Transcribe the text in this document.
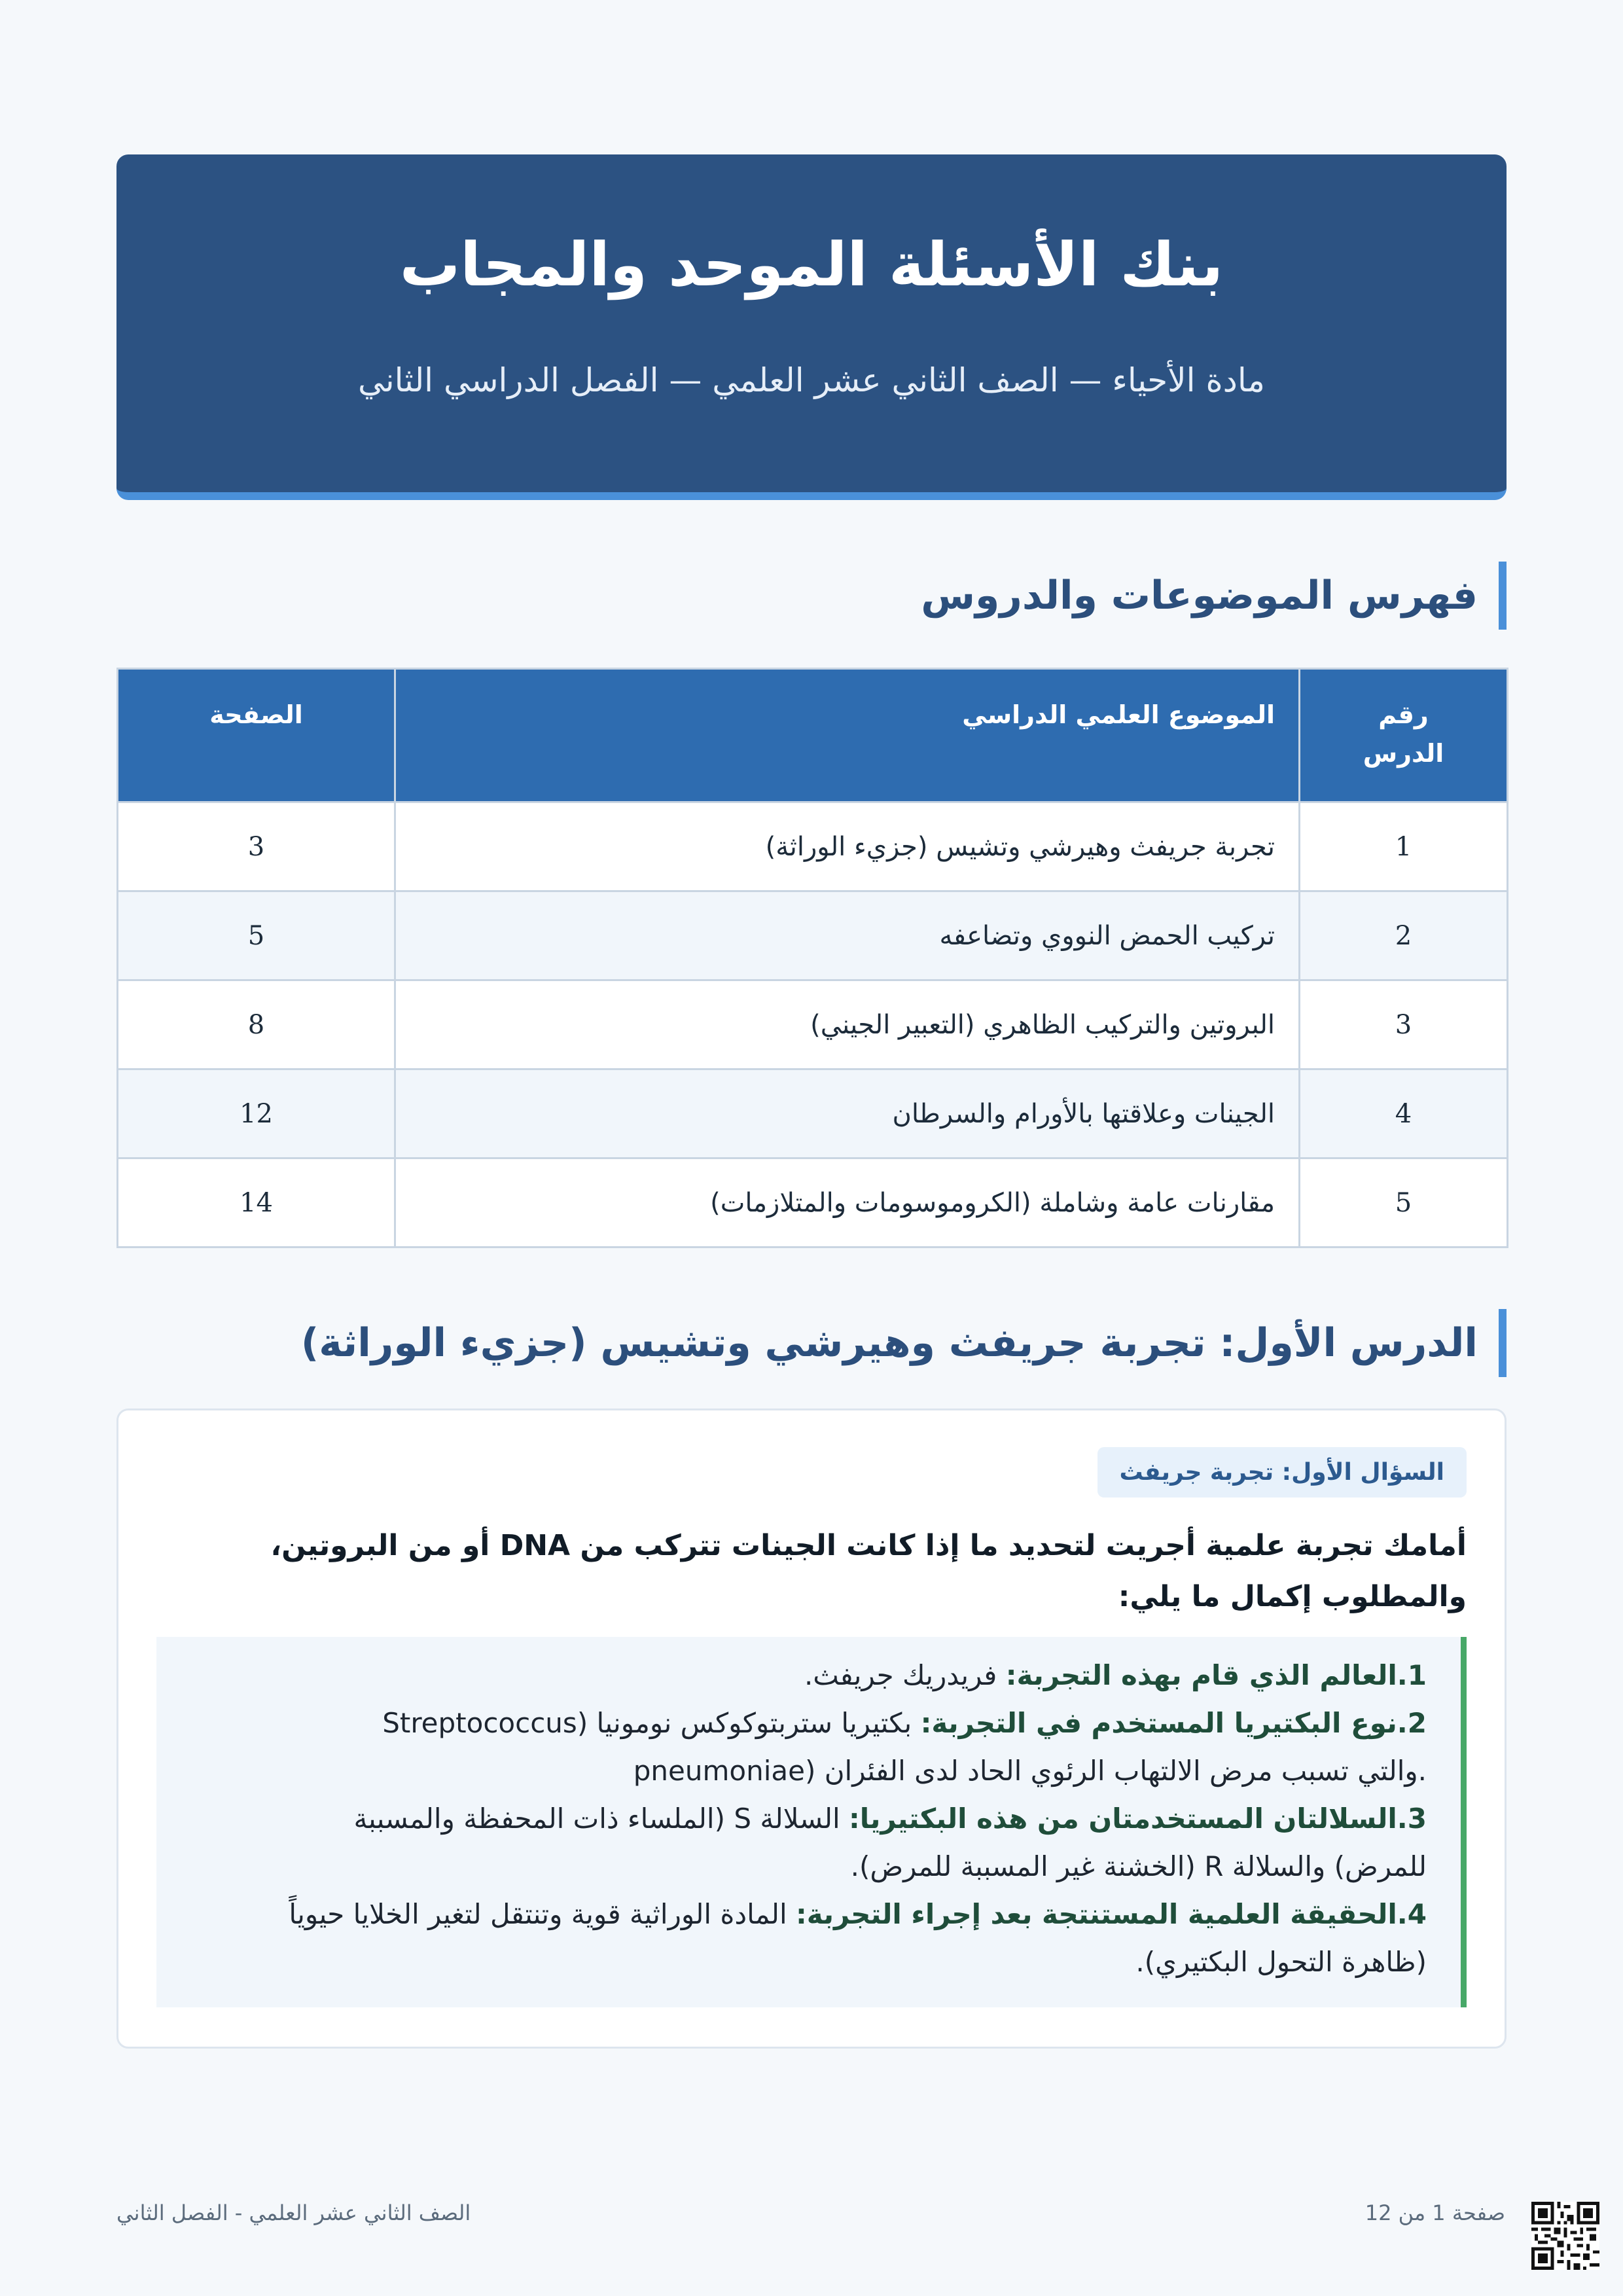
بنك الأسئلة الموحد والمجاب
مادة الأحياء — الصف الثاني عشر العلمي — الفصل الدراسي الثاني
فهرس الموضوعات والدروس
رقم الدرس	الموضوع العلمي الدراسي	الصفحة
1	تجربة جريفث وهيرشي وتشيس (جزيء الوراثة)	3
2	تركيب الحمض النووي وتضاعفه	5
3	البروتين والتركيب الظاهري (التعبير الجيني)	8
4	الجينات وعلاقتها بالأورام والسرطان	12
5	مقارنات عامة وشاملة (الكروموسومات والمتلازمات)	14
الدرس الأول: تجربة جريفث وهيرشي وتشيس (جزيء الوراثة)
السؤال الأول: تجربة جريفث
أمامك تجربة علمية أجريت لتحديد ما إذا كانت الجينات تتركب من DNA أو من البروتين،
والمطلوب إكمال ما يلي:
1.العالم الذي قام بهذه التجربة: فريدريك جريفث.
2.نوع البكتيريا المستخدم في التجربة: بكتيريا ستربتوكوكس نومونيا (Streptococcus
.والتي تسبب مرض الالتهاب الرئوي الحاد لدى الفئران (pneumoniae
3.السلالتان المستخدمتان من هذه البكتيريا: السلالة S (الملساء ذات المحفظة والمسببة
للمرض) والسلالة R (الخشنة غير المسببة للمرض).
4.الحقيقة العلمية المستنتجة بعد إجراء التجربة: المادة الوراثية قوية وتنتقل لتغير الخلايا حيوياً
(ظاهرة التحول البكتيري).
صفحة 1 من 12
الصف الثاني عشر العلمي - الفصل الثاني
